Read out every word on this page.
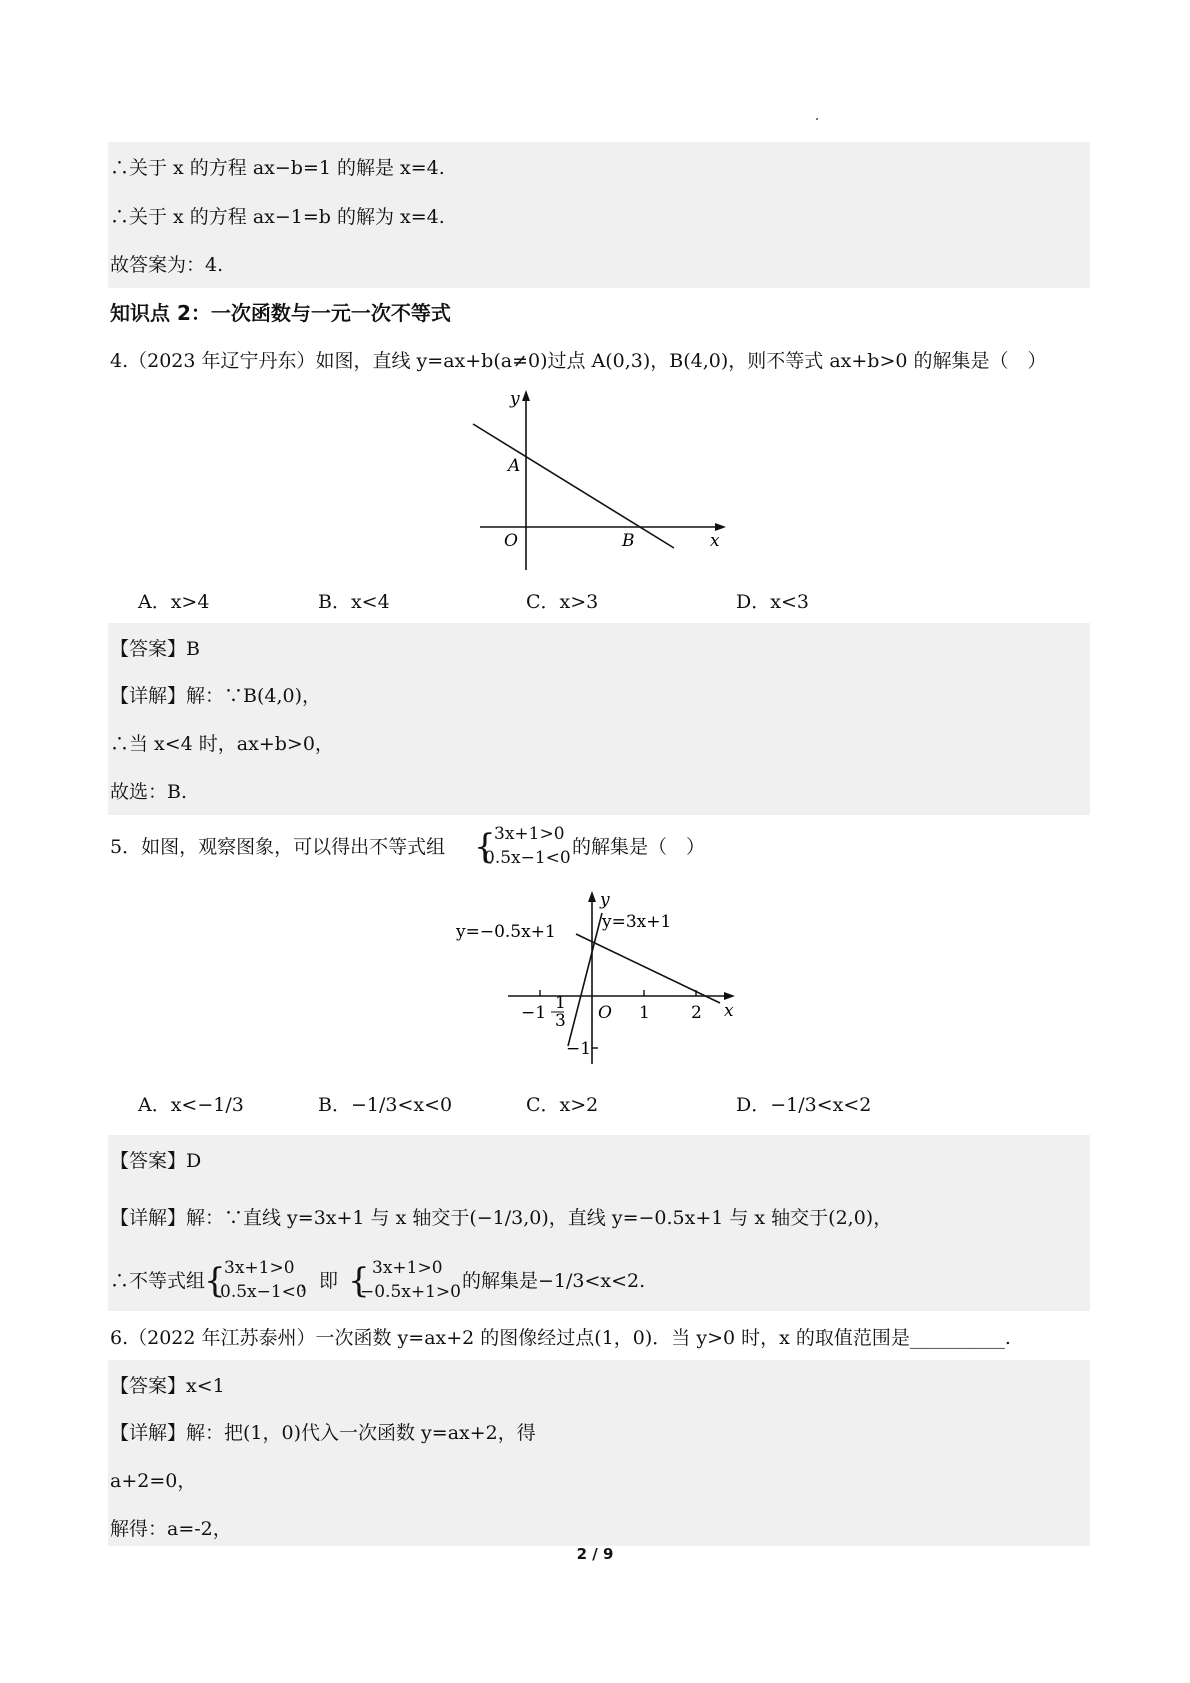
∴关于 x 的方程 ax−b=1 的解是 x=4.
∴关于 x 的方程 ax−1=b 的解为 x=4.
故答案为：4.
知识点 2：一次函数与一元一次不等式
4.（2023 年辽宁丹东）如图，直线 y=ax+b(a≠0)过点 A(0,3)，B(4,0)，则不等式 ax+b>0 的解集是（　）
y
A
O	B	x
A．x>4	B．x<4	C．x>3	D．x<3
【答案】B
【详解】解：∵B(4,0)，
∴当 x<4 时，ax+b>0，
故选：B.
5．如图，观察图象，可以得出不等式组 {
3x+1>0
0.5x−1<0 的解集是（　）
y
x
O
y=−0.5x+1	y=3x+1
−1	1 2
−1
1
3
A．x<−1/3	B．−1/3<x<0	C．x>2	D．−1/3<x<2
【答案】D
【详解】解：∵直线 y=3x+1 与 x 轴交于(−1/3,0)，直线 y=−0.5x+1 与 x 轴交于(2,0)，
∴不等式组
{
3x+1>0
0.5x−1<0
，即 { 3x+1>0
−0.5x+1>0 的解集是−1/3<x<2.
6.（2022 年江苏泰州）一次函数 y=ax+2 的图像经过点(1，0)．当 y>0 时，x 的取值范围是__________.
【答案】x<1
【详解】解：把(1，0)代入一次函数 y=ax+2，得
a+2=0，
解得：a=-2，
2 / 9
